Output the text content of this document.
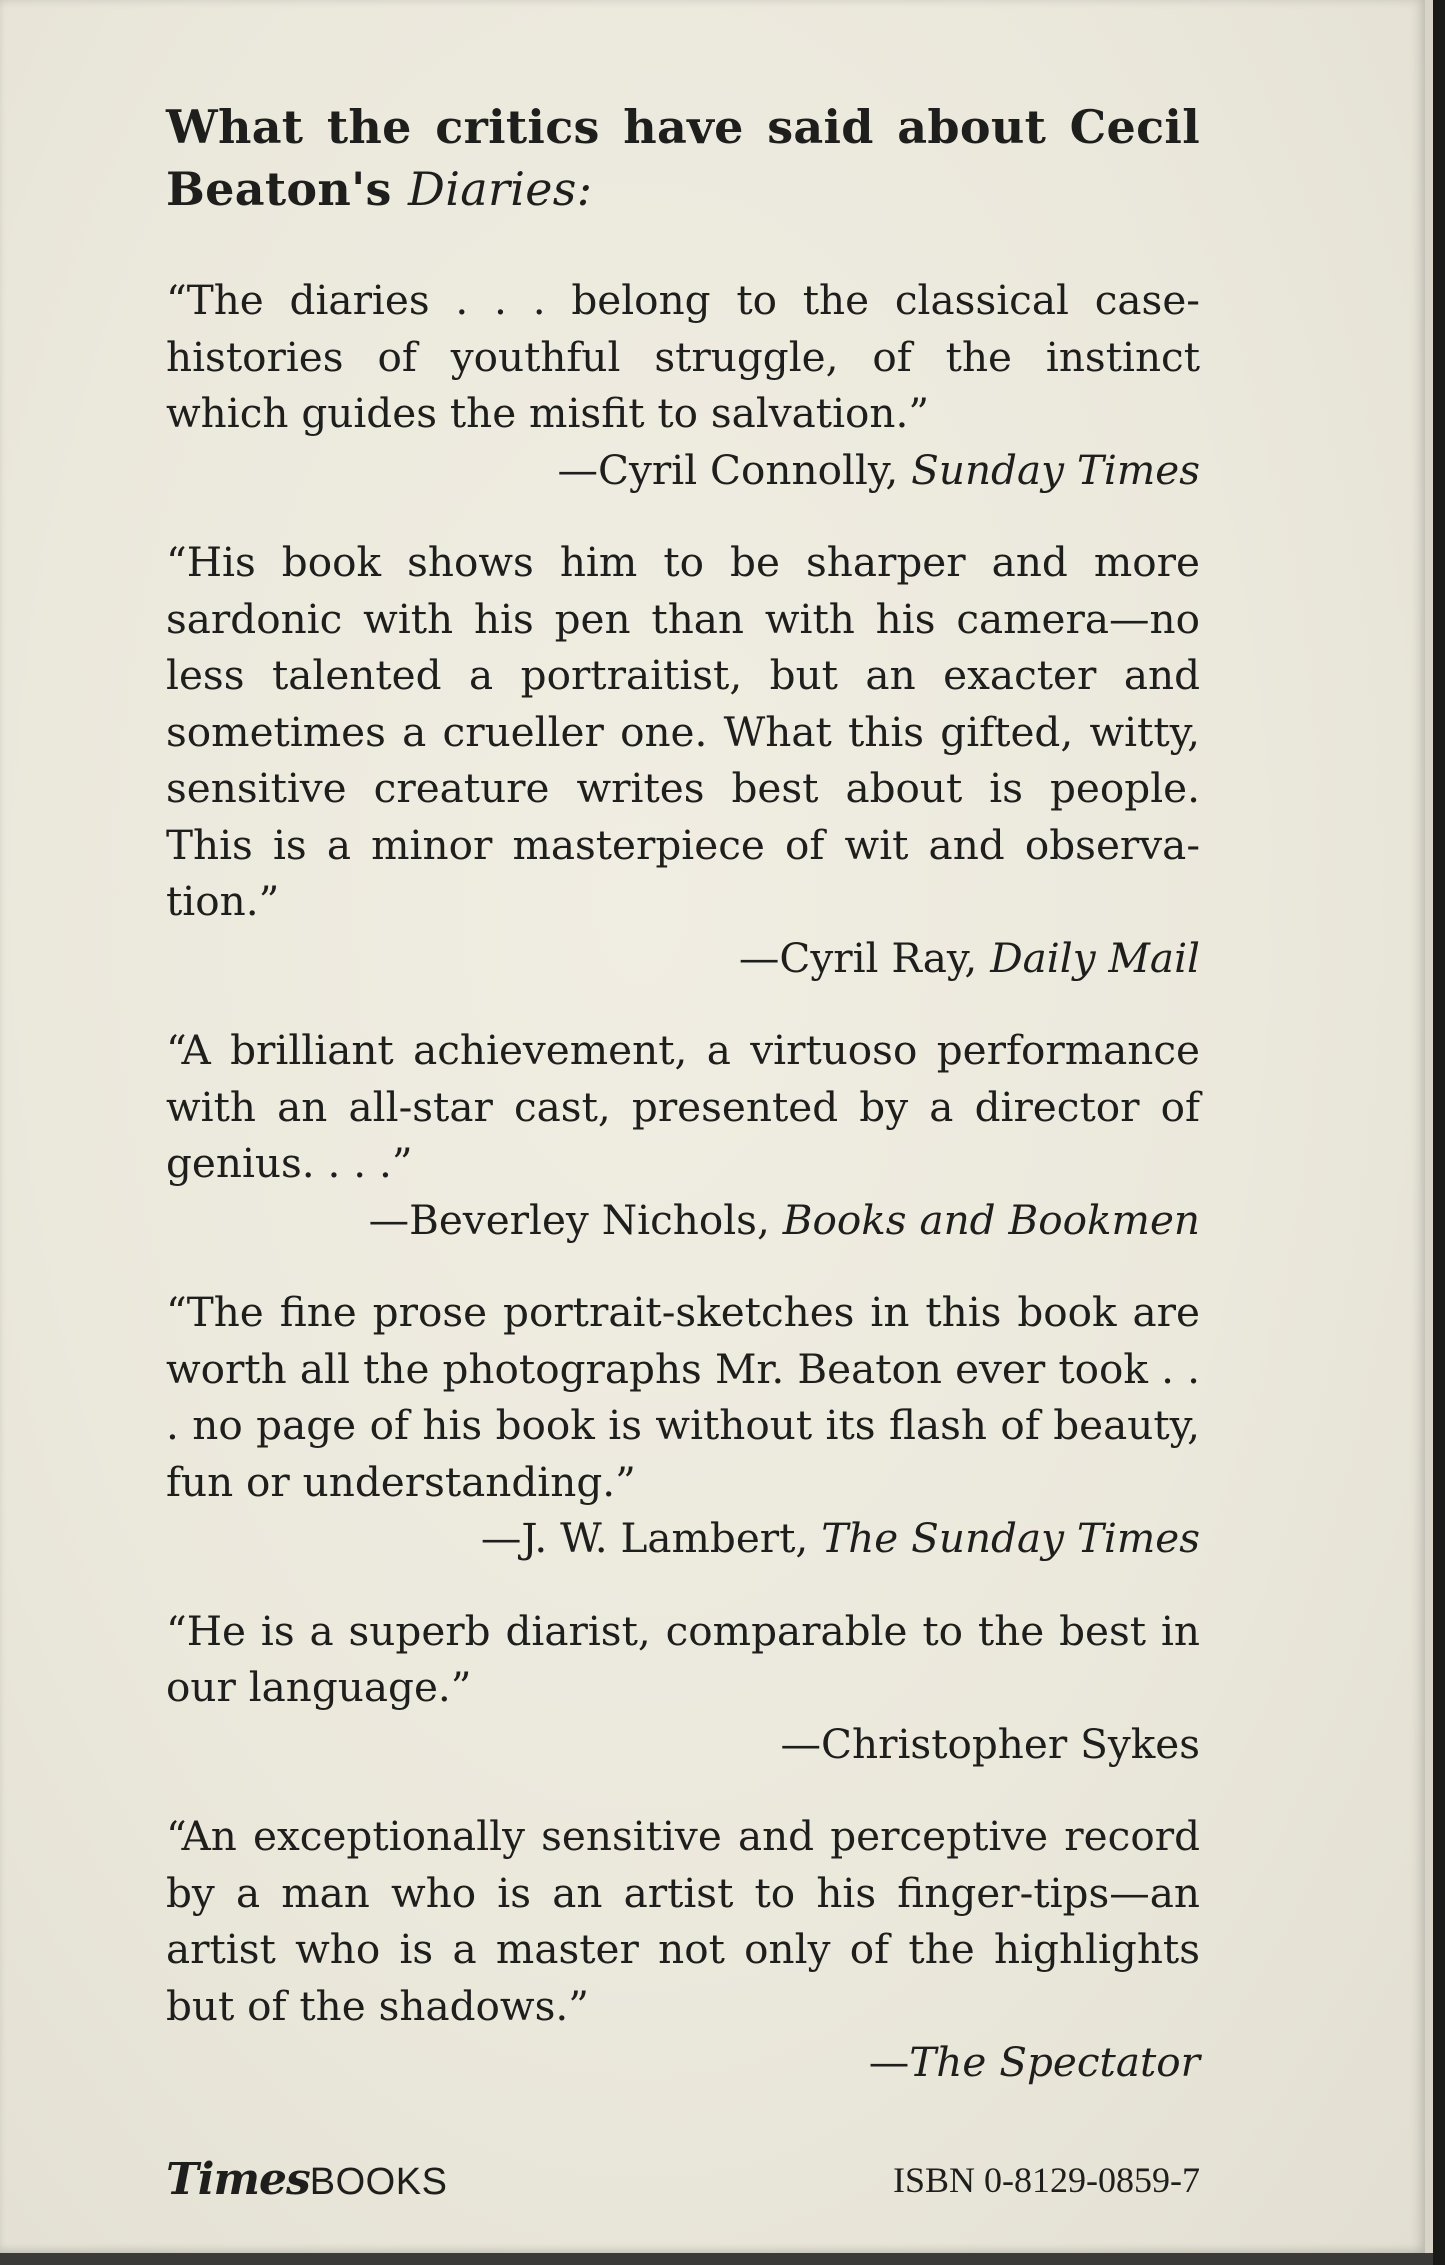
What the critics have said about Cecil Beaton's Diaries:

“The diaries . . . belong to the classical case-histories of youthful struggle, of the instinct which guides the misfit to salvation.”

—Cyril Connolly, Sunday Times

“His book shows him to be sharper and more sardonic with his pen than with his camera—no less talented a portraitist, but an exacter and sometimes a crueller one. What this gifted, witty, sensitive creature writes best about is people. This is a minor masterpiece of wit and observation.”

—Cyril Ray, Daily Mail

“A brilliant achievement, a virtuoso performance with an all-star cast, presented by a director of genius. . . .”

—Beverley Nichols, Books and Bookmen

“The fine prose portrait-sketches in this book are worth all the photographs Mr. Beaton ever took . . . no page of his book is without its flash of beauty, fun or understanding.”

—J. W. Lambert, The Sunday Times

“He is a superb diarist, comparable to the best in our language.”

—Christopher Sykes

“An exceptionally sensitive and perceptive record by a man who is an artist to his finger-tips—an artist who is a master not only of the highlights but of the shadows.”

—The Spectator

TimesBOOKS	ISBN 0-8129-0859-7
